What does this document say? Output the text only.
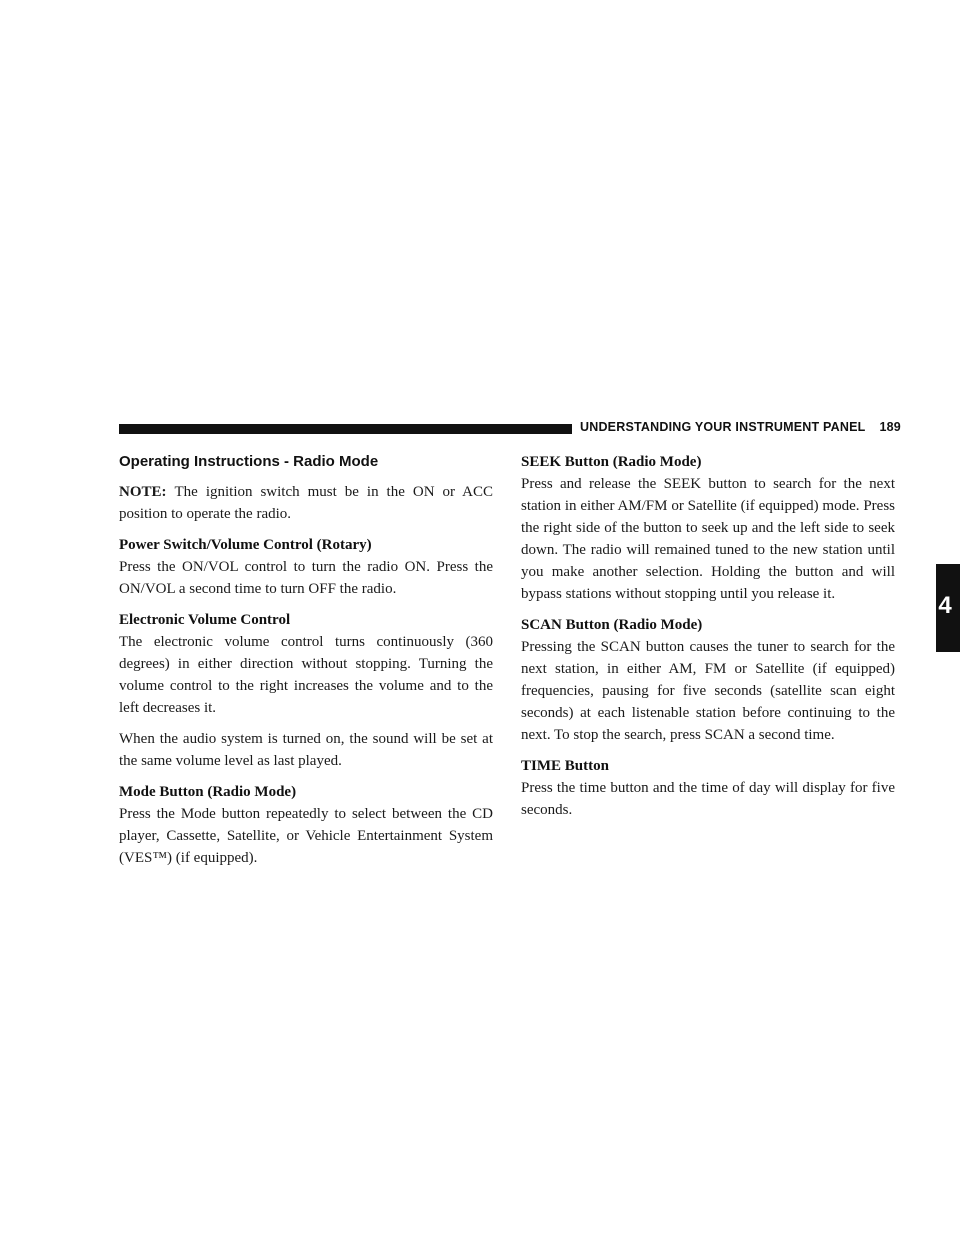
UNDERSTANDING YOUR INSTRUMENT PANEL 189
4
Operating Instructions - Radio Mode

NOTE: The ignition switch must be in the ON or ACC position to operate the radio.

Power Switch/Volume Control (Rotary)

Press the ON/VOL control to turn the radio ON. Press the ON/VOL a second time to turn OFF the radio.

Electronic Volume Control

The electronic volume control turns continuously (360 degrees) in either direction without stopping. Turning the volume control to the right increases the volume and to the left decreases it.

When the audio system is turned on, the sound will be set at the same volume level as last played.

Mode Button (Radio Mode)

Press the Mode button repeatedly to select between the CD player, Cassette, Satellite, or Vehicle Entertainment System (VES™) (if equipped).

SEEK Button (Radio Mode)

Press and release the SEEK button to search for the next station in either AM/FM or Satellite (if equipped) mode. Press the right side of the button to seek up and the left side to seek down. The radio will remained tuned to the new station until you make another selection. Holding the button and will bypass stations without stopping until you release it.

SCAN Button (Radio Mode)

Pressing the SCAN button causes the tuner to search for the next station, in either AM, FM or Satellite (if equipped) frequencies, pausing for five seconds (satellite scan eight seconds) at each listenable station before continuing to the next. To stop the search, press SCAN a second time.

TIME Button

Press the time button and the time of day will display for five seconds.
